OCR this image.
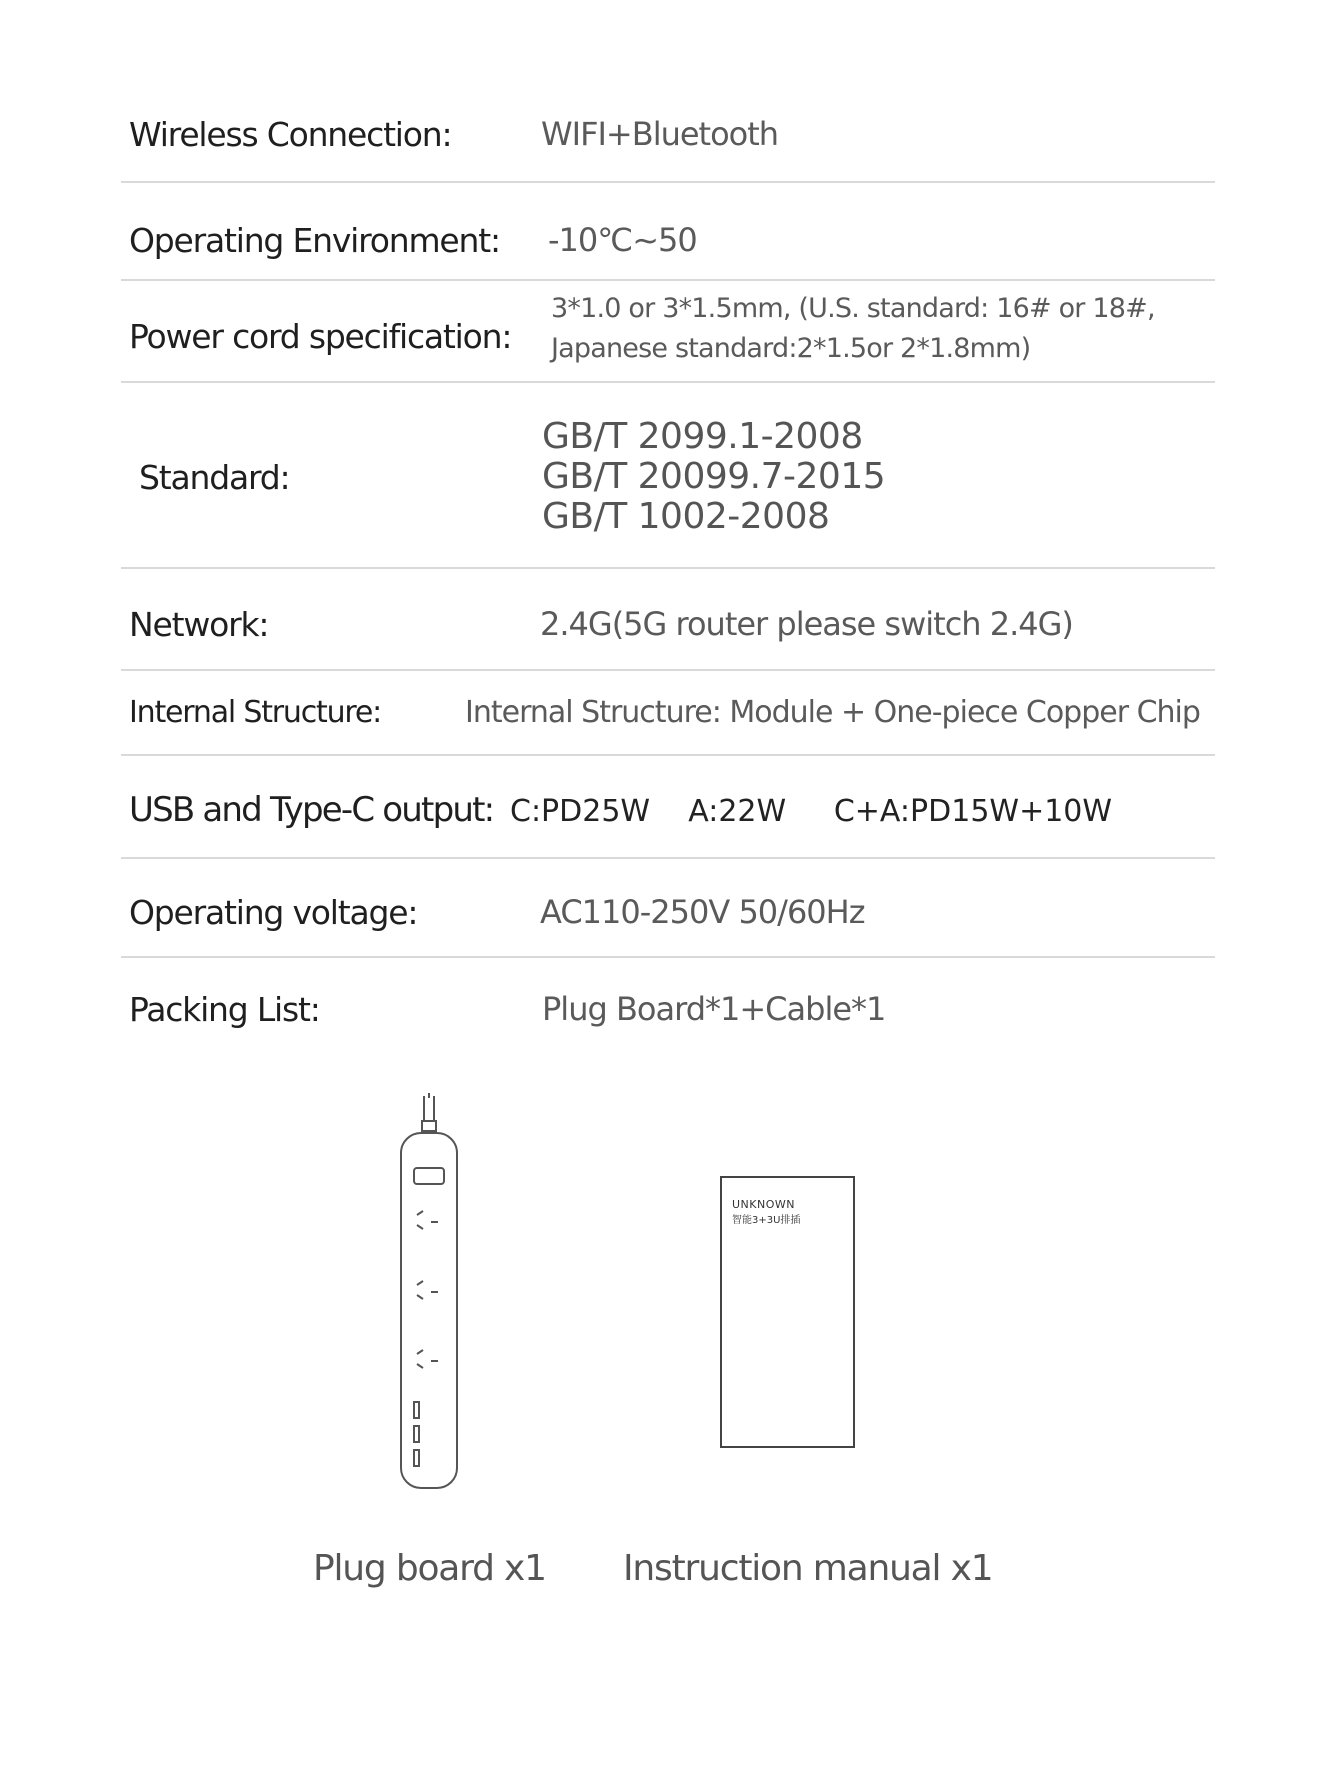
Wireless Connection:	WIFI+Bluetooth
Operating Environment: -10℃~50
Power cord specification:
3*1.0 or 3*1.5mm, (U.S. standard: 16# or 18#, Japanese standard:2*1.5or 2*1.8mm)
Standard:
GB/T 2099.1-2008
GB/T 20099.7-2015
GB/T 1002-2008
Network:	2.4G(5G router please switch 2.4G)
Internal Structure:	Internal Structure: Module + One-piece Copper Chip
USB and Type-C output: C:PD25W    A:22W     C+A:PD15W+10W
Operating voltage:	AC110-250V 50/60Hz
Packing List:	Plug Board*1+Cable*1
UNKNOWN
智能3+3U排插
Plug board x1 Instruction manual x1
